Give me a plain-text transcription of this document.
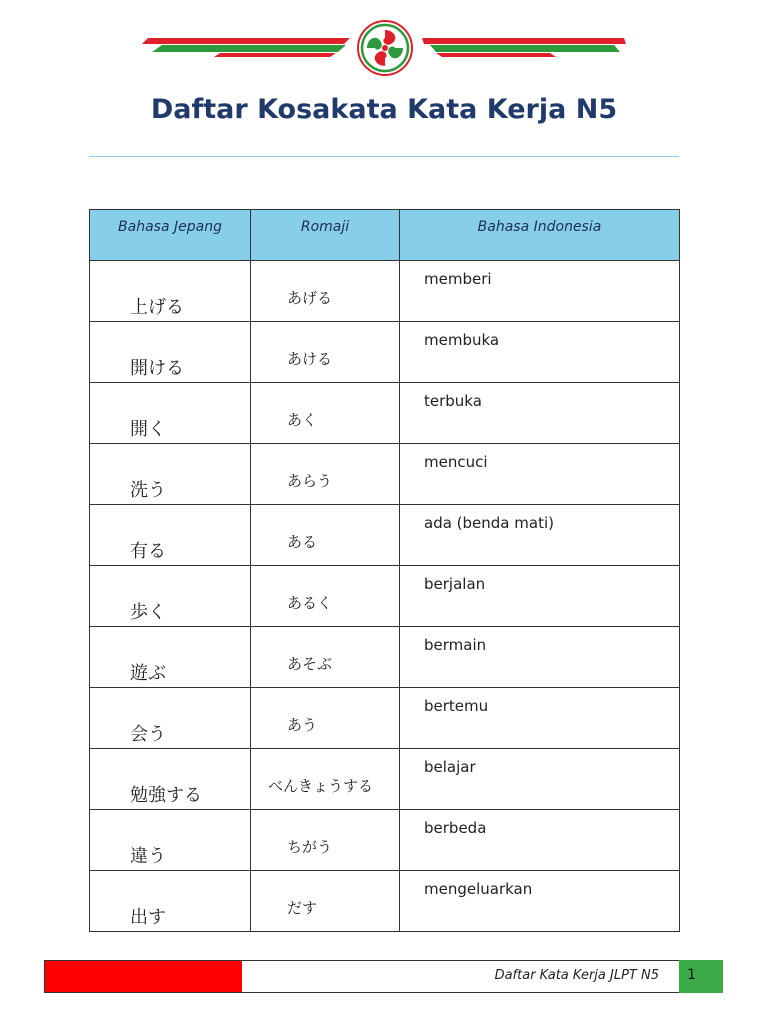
Daftar Kosakata Kata Kerja N5
Bahasa Jepang	Romaji	Bahasa Indonesia

上げる	あげる	memberi

開ける	あける	membuka

開く	あく	terbuka

洗う	あらう	mencuci

有る	ある	ada (benda mati)

歩く	あるく	berjalan

遊ぶ	あそぶ	bermain

会う	あう	bertemu

勉強する	べんきょうする	belajar

違う	ちがう	berbeda

出す	だす	mengeluarkan
Daftar Kata Kerja JLPT N5 1
